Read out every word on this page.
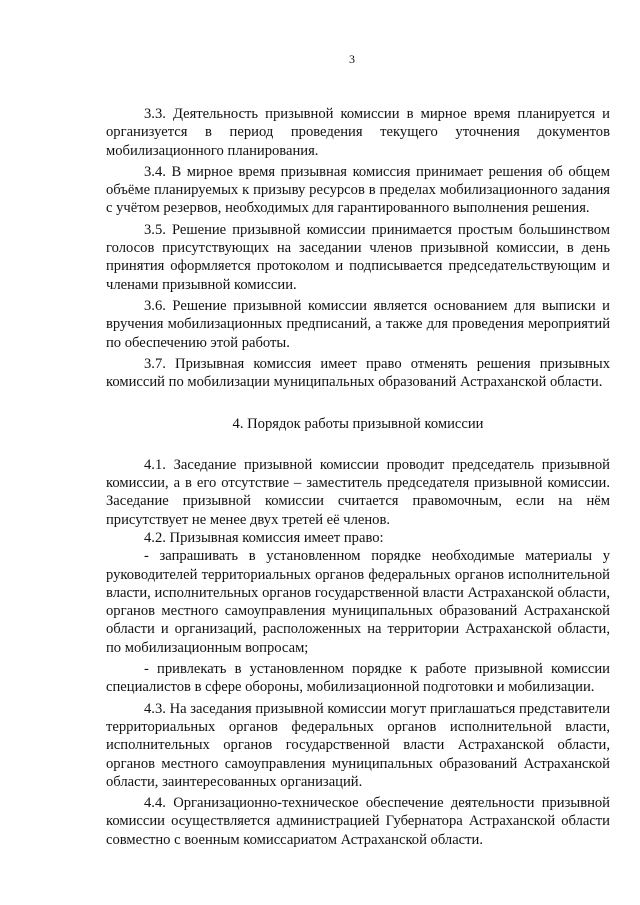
3

3.3. Деятельность призывной комиссии в мирное время планируется и организуется в период проведения текущего уточнения документов мобилизационного планирования.

3.4. В мирное время призывная комиссия принимает решения об общем объёме планируемых к призыву ресурсов в пределах мобилизационного задания с учётом резервов, необходимых для гарантированного выполнения решения.

3.5. Решение призывной комиссии принимается простым большинством голосов присутствующих на заседании членов призывной комиссии, в день принятия оформляется протоколом и подписывается председательствующим и членами призывной комиссии.

3.6. Решение призывной комиссии является основанием для выписки и вручения мобилизационных предписаний, а также для проведения мероприятий по обеспечению этой работы.

3.7. Призывная комиссия имеет право отменять решения призывных комиссий по мобилизации муниципальных образований Астраханской области.

4. Порядок работы призывной комиссии

4.1. Заседание призывной комиссии проводит председатель призывной комиссии, а в его отсутствие – заместитель председателя призывной комиссии. Заседание призывной комиссии считается правомочным, если на нём присутствует не менее двух третей её членов.

4.2. Призывная комиссия имеет право:

- запрашивать в установленном порядке необходимые материалы у руководителей территориальных органов федеральных органов исполнительной власти, исполнительных органов государственной власти Астраханской области, органов местного самоуправления муниципальных образований Астраханской области и организаций, расположенных на территории Астраханской области, по мобилизационным вопросам;

- привлекать в установленном порядке к работе призывной комиссии специалистов в сфере обороны, мобилизационной подготовки и мобилизации.

4.3. На заседания призывной комиссии могут приглашаться представители территориальных органов федеральных органов исполнительной власти, исполнительных органов государственной власти Астраханской области, органов местного самоуправления муниципальных образований Астраханской области, заинтересованных организаций.

4.4. Организационно-техническое обеспечение деятельности призывной комиссии осуществляется администрацией Губернатора Астраханской области совместно с военным комиссариатом Астраханской области.
